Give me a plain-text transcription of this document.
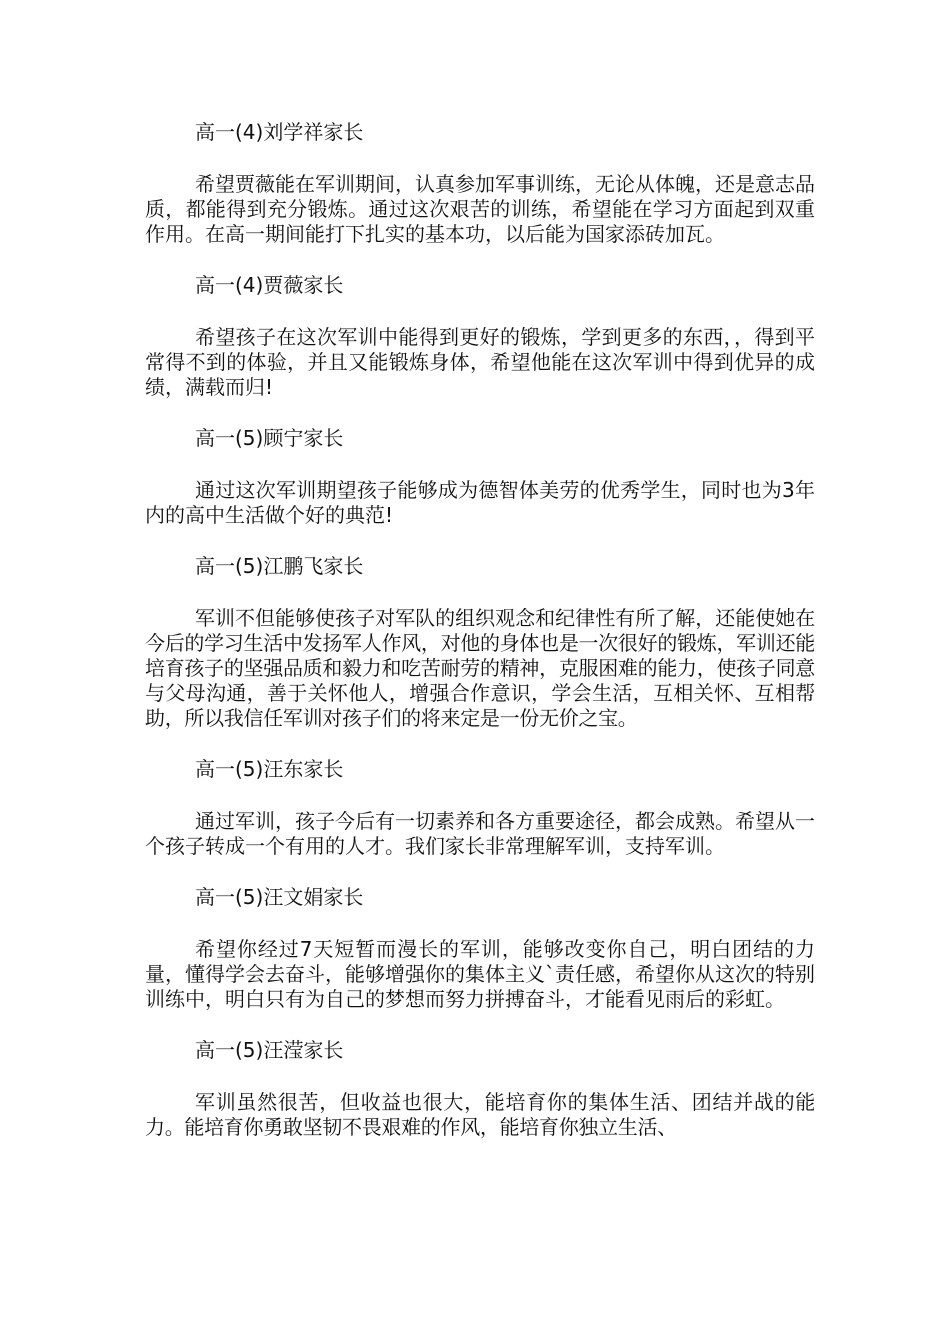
高一(4)刘学祥家长

希望贾薇能在军训期间，认真参加军事训练，无论从体魄，还是意志品质，都能得到充分锻炼。通过这次艰苦的训练，希望能在学习方面起到双重作用。在高一期间能打下扎实的基本功，以后能为国家添砖加瓦。

高一(4)贾薇家长

希望孩子在这次军训中能得到更好的锻炼，学到更多的东西，，得到平常得不到的体验，并且又能锻炼身体，希望他能在这次军训中得到优异的成绩，满载而归!

高一(5)顾宁家长

通过这次军训期望孩子能够成为德智体美劳的优秀学生，同时也为3年内的高中生活做个好的典范!

高一(5)江鹏飞家长

军训不但能够使孩子对军队的组织观念和纪律性有所了解，还能使她在今后的学习生活中发扬军人作风，对他的身体也是一次很好的锻炼，军训还能培育孩子的坚强品质和毅力和吃苦耐劳的精神，克服困难的能力，使孩子同意与父母沟通，善于关怀他人，增强合作意识，学会生活，互相关怀、互相帮助，所以我信任军训对孩子们的将来定是一份无价之宝。

高一(5)汪东家长

通过军训，孩子今后有一切素养和各方重要途径，都会成熟。希望从一个孩子转成一个有用的人才。我们家长非常理解军训，支持军训。

高一(5)汪文娟家长

希望你经过7天短暂而漫长的军训，能够改变你自己，明白团结的力量，懂得学会去奋斗，能够增强你的集体主义`责任感，希望你从这次的特别训练中，明白只有为自己的梦想而努力拼搏奋斗，才能看见雨后的彩虹。

高一(5)汪滢家长

军训虽然很苦，但收益也很大，能培育你的集体生活、团结并战的能力。能培育你勇敢坚韧不畏艰难的作风，能培育你独立生活、
